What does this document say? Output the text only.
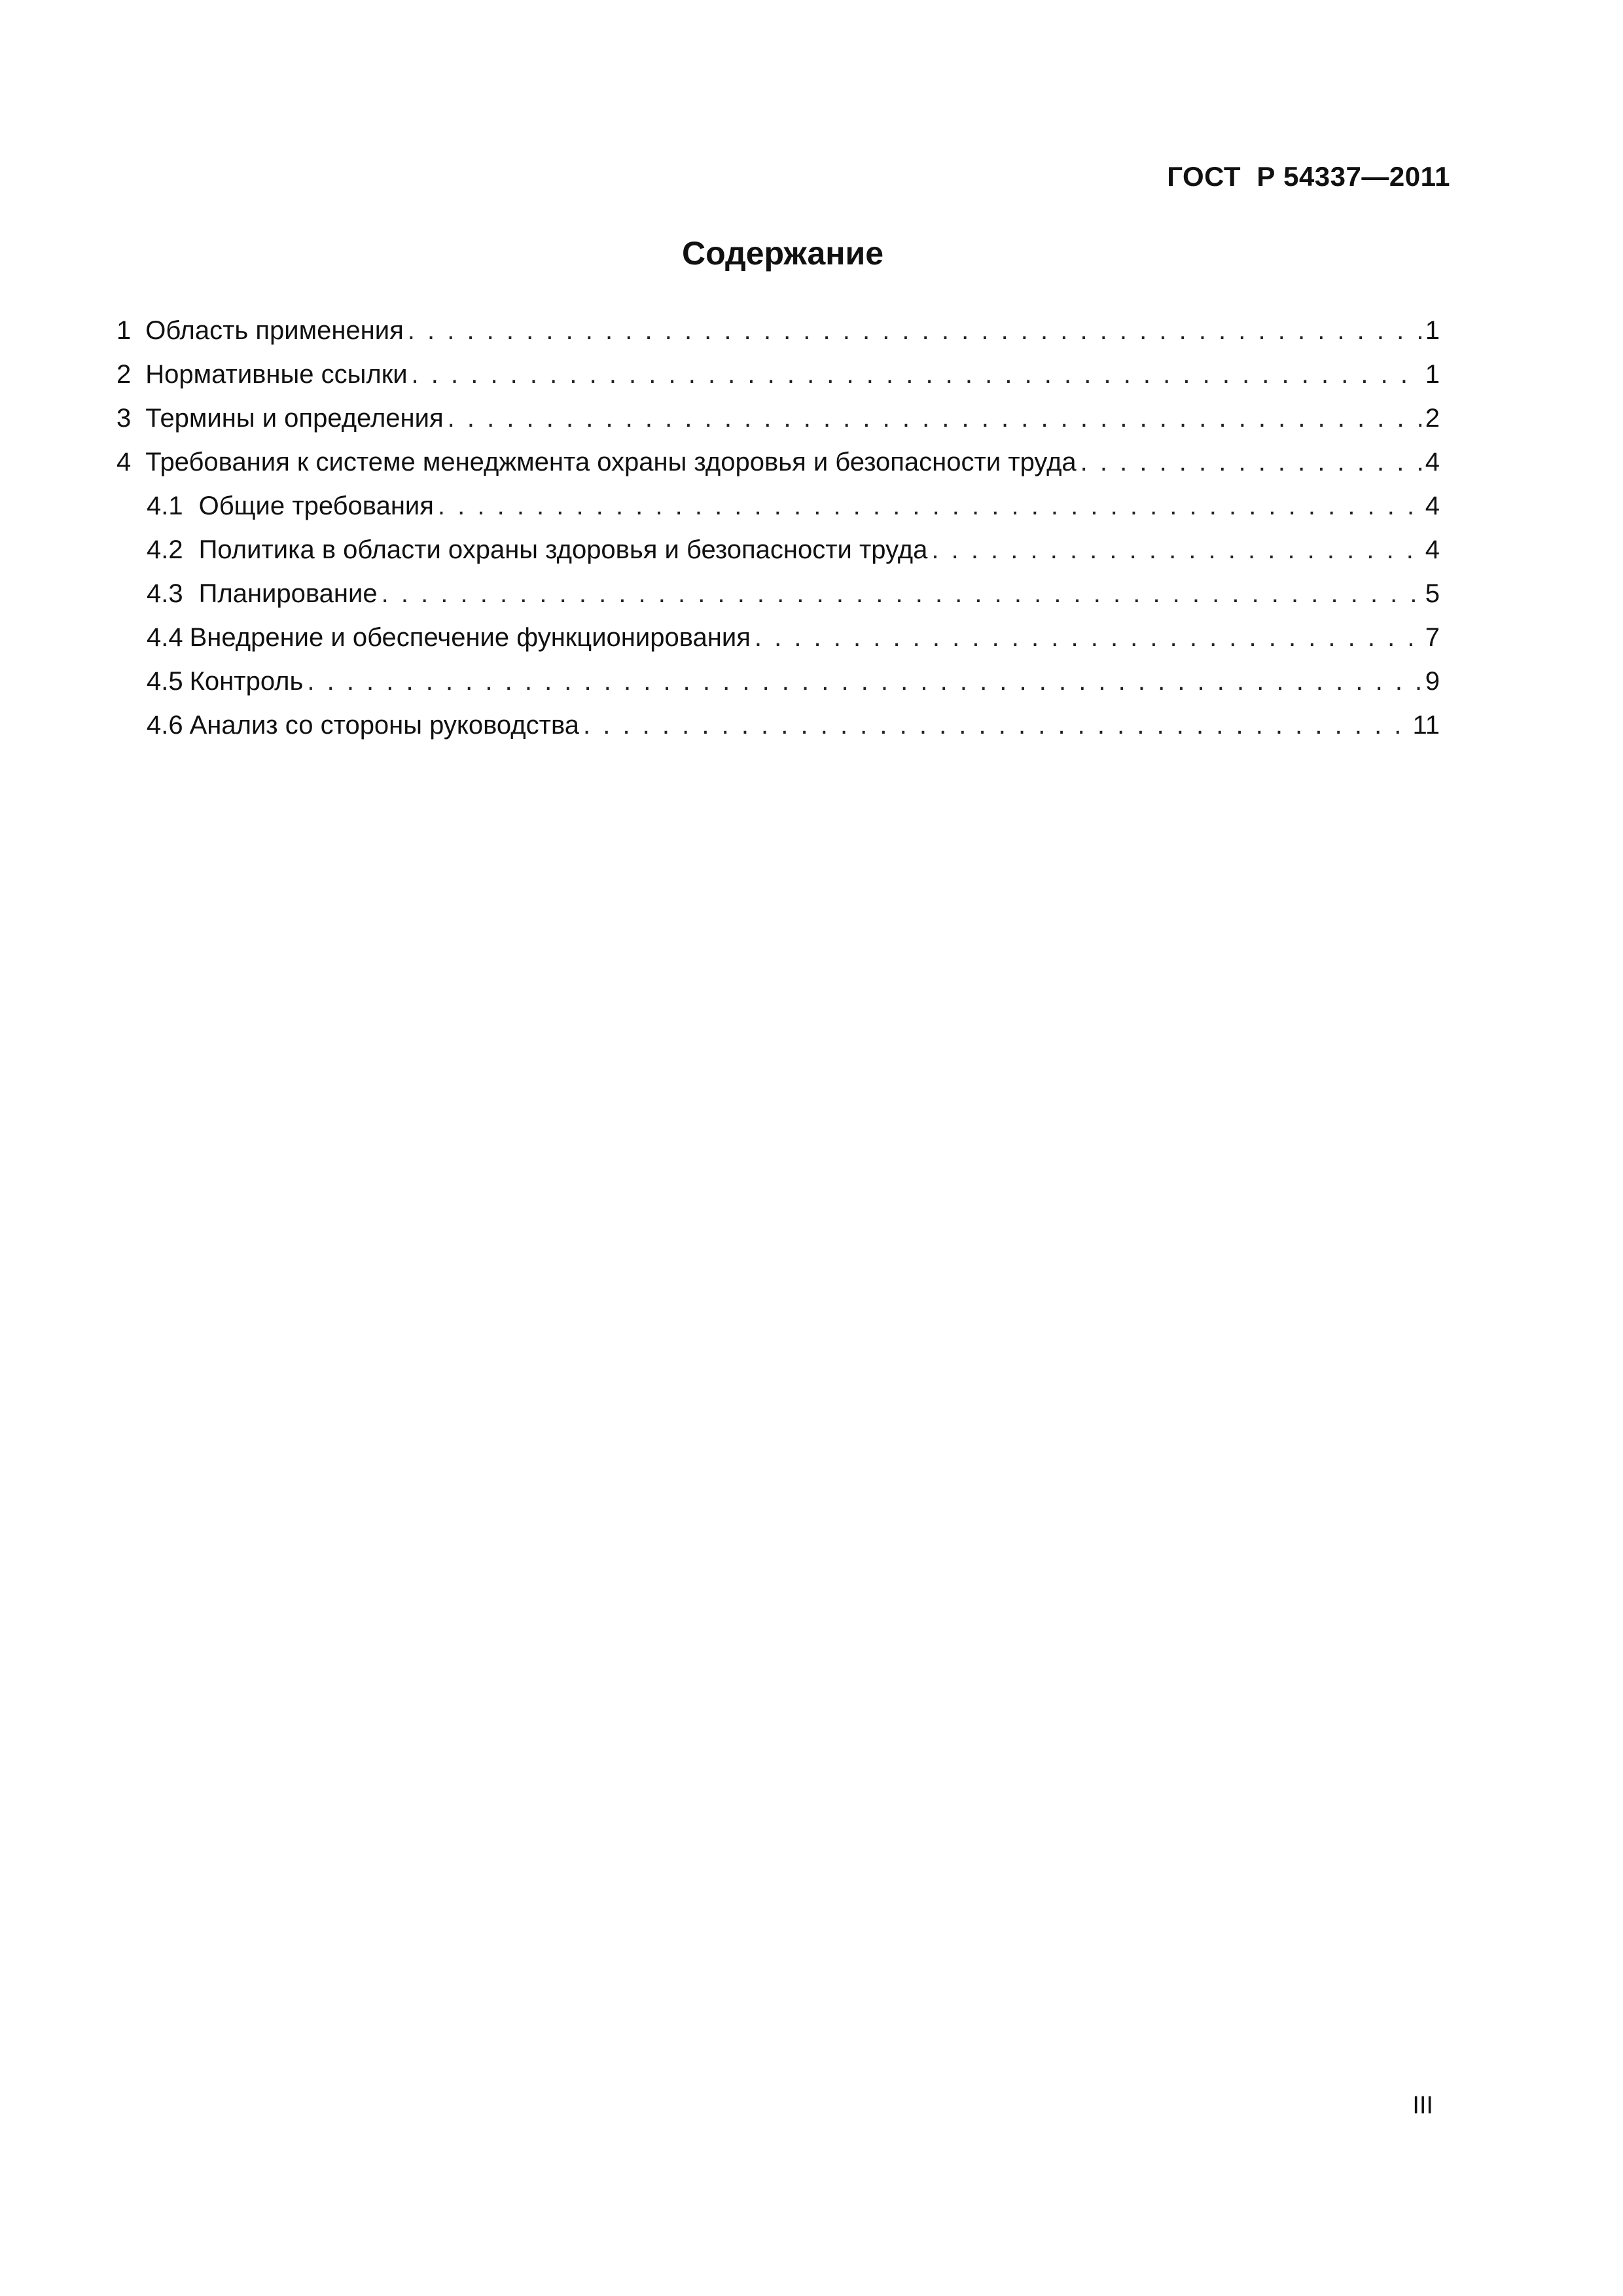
ГОСТ  Р 54337—2011
Содержание
1 Область применения . . .	1
2 Нормативные ссылки . . .	1
3 Термины и определения . . .	2
4 Требования к системе менеджмента охраны здоровья и безопасности труда . . .	4
4.1 Общие требования . . .	4
4.2 Политика в области охраны здоровья и безопасности труда . . .	4
4.3 Планирование . . .	5
4.4 Внедрение и обеспечение функционирования . . .	7
4.5 Контроль . . .	9
4.6 Анализ со стороны руководства . . .	11
III
